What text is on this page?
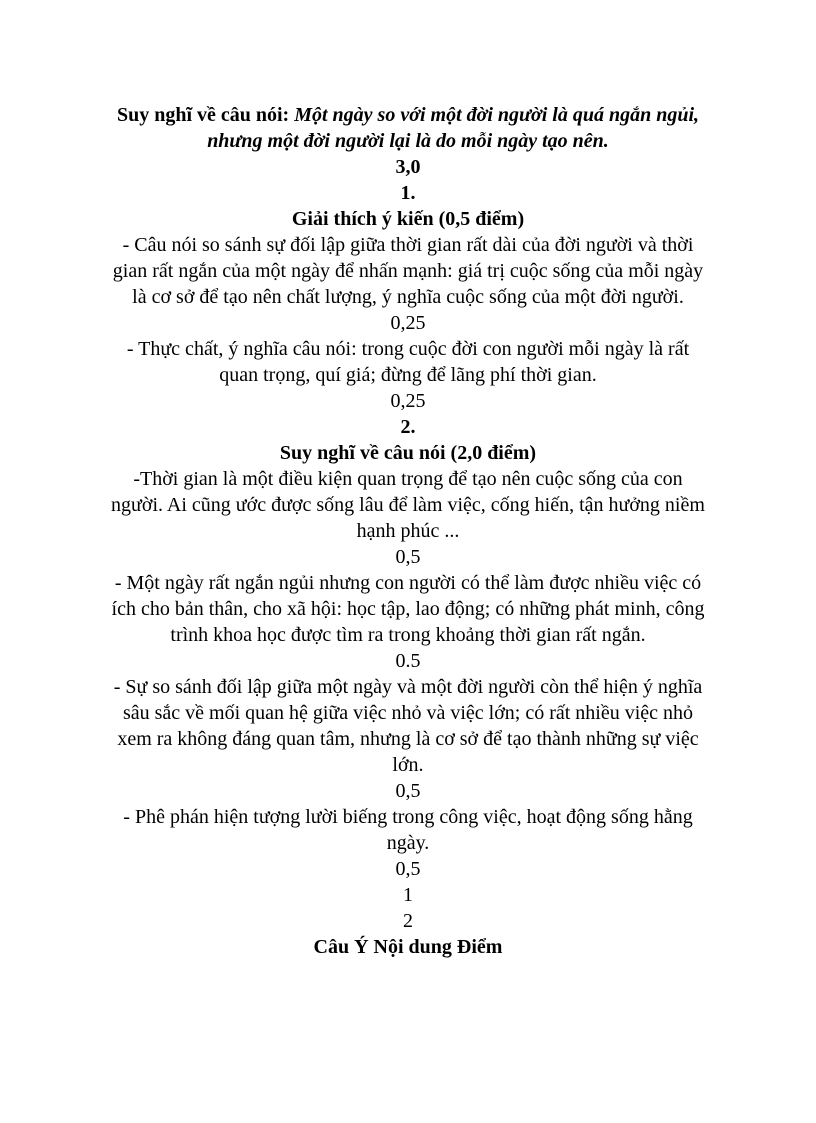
Suy nghĩ về câu nói: Một ngày so với một đời người là quá ngắn ngủi, nhưng một đời người lại là do mỗi ngày tạo nên.

3,0

1.

Giải thích ý kiến (0,5 điểm)

- Câu nói so sánh sự đối lập giữa thời gian rất dài của đời người và thời gian rất ngắn của một ngày để nhấn mạnh: giá trị cuộc sống của mỗi ngày là cơ sở để tạo nên chất lượng, ý nghĩa cuộc sống của một đời người.

0,25

- Thực chất, ý nghĩa câu nói: trong cuộc đời con người mỗi ngày là rất quan trọng, quí giá; đừng để lãng phí thời gian.

0,25

2.

Suy nghĩ về câu nói (2,0 điểm)

-Thời gian là một điều kiện quan trọng để tạo nên cuộc sống của con người. Ai cũng ước được sống lâu để làm việc, cống hiến, tận hưởng niềm hạnh phúc ...

0,5

- Một ngày rất ngắn ngủi nhưng con người có thể làm được nhiều việc có ích cho bản thân, cho xã hội: học tập, lao động; có những phát minh, công trình khoa học được tìm ra trong khoảng thời gian rất ngắn.

0.5

- Sự so sánh đối lập giữa một ngày và một đời người còn thể hiện ý nghĩa sâu sắc về mối quan hệ giữa việc nhỏ và việc lớn; có rất nhiều việc nhỏ xem ra không đáng quan tâm, nhưng là cơ sở để tạo thành những sự việc lớn.

0,5

- Phê phán hiện tượng lười biếng trong công việc, hoạt động sống hằng ngày.

0,5

1

2

Câu Ý Nội dung Điểm
